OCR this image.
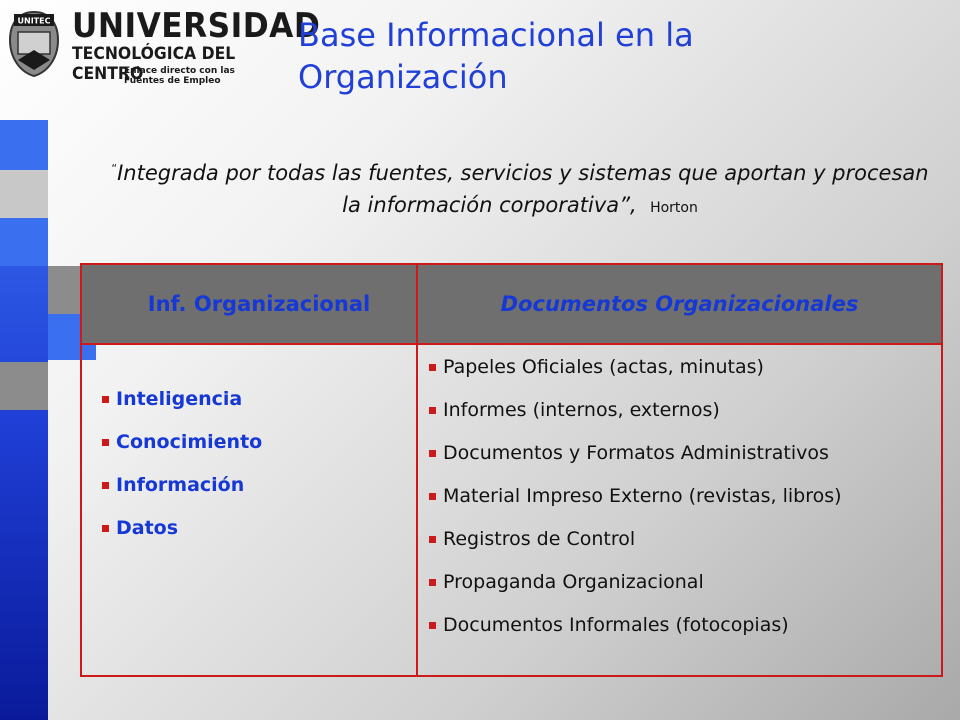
UNITEC UNIVERSIDAD
TECNOLÓGICA DEL CENTRO
Enlace directo con las Fuentes de Empleo
Base Informacional en la Organización
“Integrada por todas las fuentes, servicios y sistemas que aportan y procesan la información corporativa”, Horton
Inf. Organizacional	Documentos Organizacionales
Inteligencia
Conocimiento
Información
Datos
Papeles Oficiales (actas, minutas)
Informes (internos, externos)
Documentos y Formatos Administrativos
Material Impreso Externo (revistas, libros)
Registros de Control
Propaganda Organizacional
Documentos Informales (fotocopias)
